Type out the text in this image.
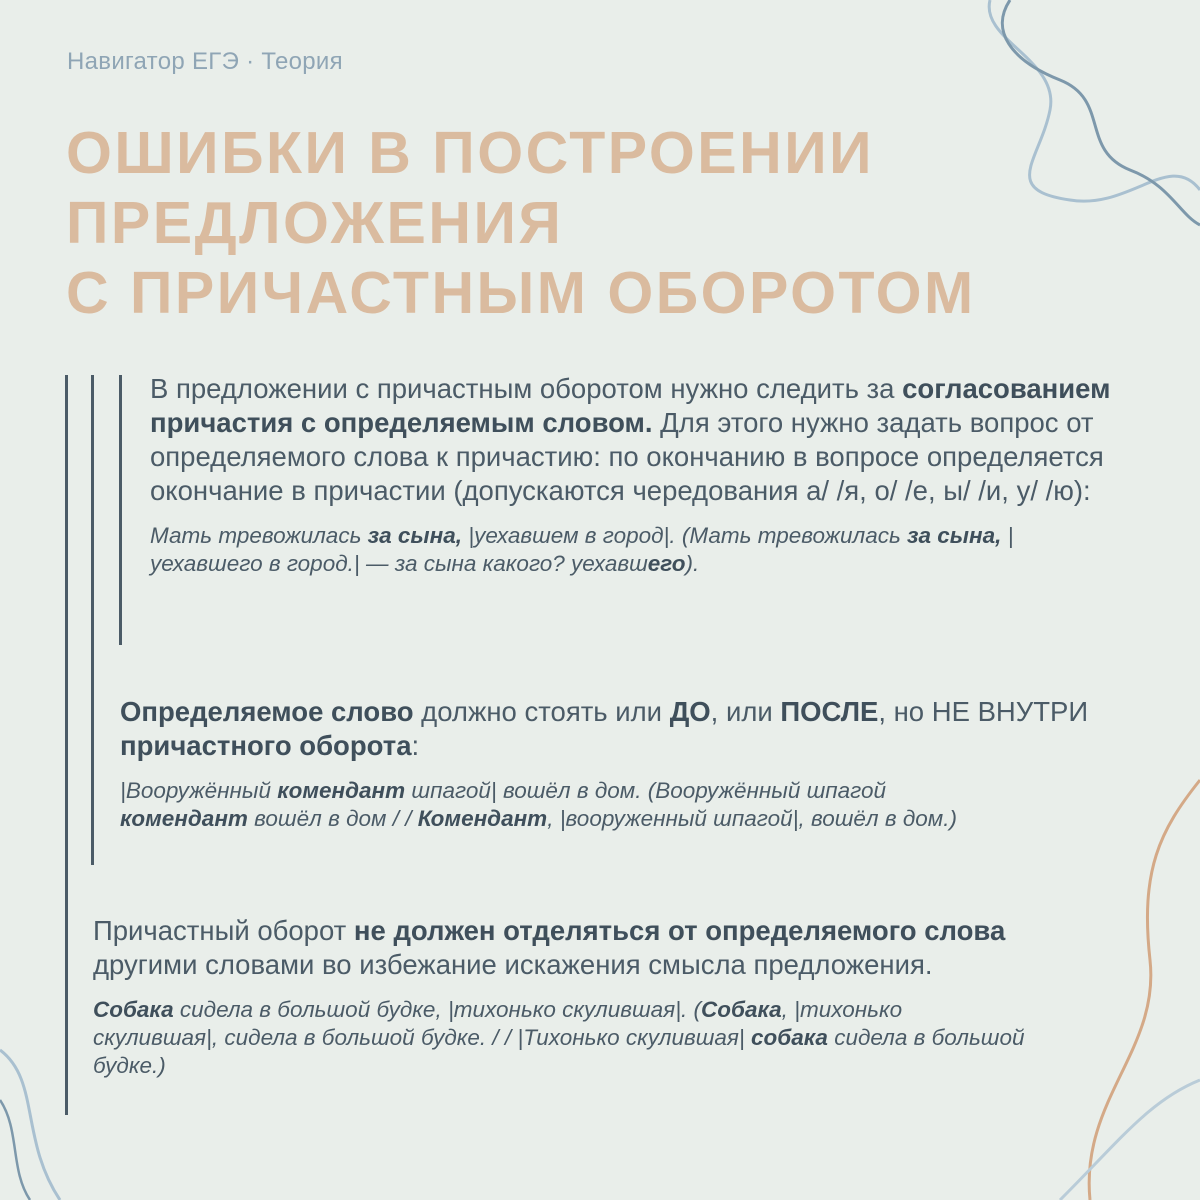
Навигатор ЕГЭ · Теория
ОШИБКИ В ПОСТРОЕНИИ
ПРЕДЛОЖЕНИЯ
С ПРИЧАСТНЫМ ОБОРОТОМ

В предложении с причастным оборотом нужно следить за согласованием причастия с определяемым словом. Для этого нужно задать вопрос от определяемого слова к причастию: по окончанию в вопросе определяется окончание в причастии (допускаются чередования а/ /я, о/ /е, ы/ /и, у/ /ю):

Мать тревожилась за сына, |уехавшем в город|. (Мать тревожилась за сына, |уехавшего в город.| — за сына какого? уехавшего).

Определяемое слово должно стоять или ДО, или ПОСЛЕ, но НЕ ВНУТРИ причастного оборота:

|Вооружённый комендант шпагой| вошёл в дом. (Вооружённый шпагой комендант вошёл в дом / / Комендант, |вооруженный шпагой|, вошёл в дом.)

Причастный оборот не должен отделяться от определяемого слова другими словами во избежание искажения смысла предложения.

Собака сидела в большой будке, |тихонько скулившая|. (Собака, |тихонько скулившая|, сидела в большой будке. / / |Тихонько скулившая| собака сидела в большой будке.)
